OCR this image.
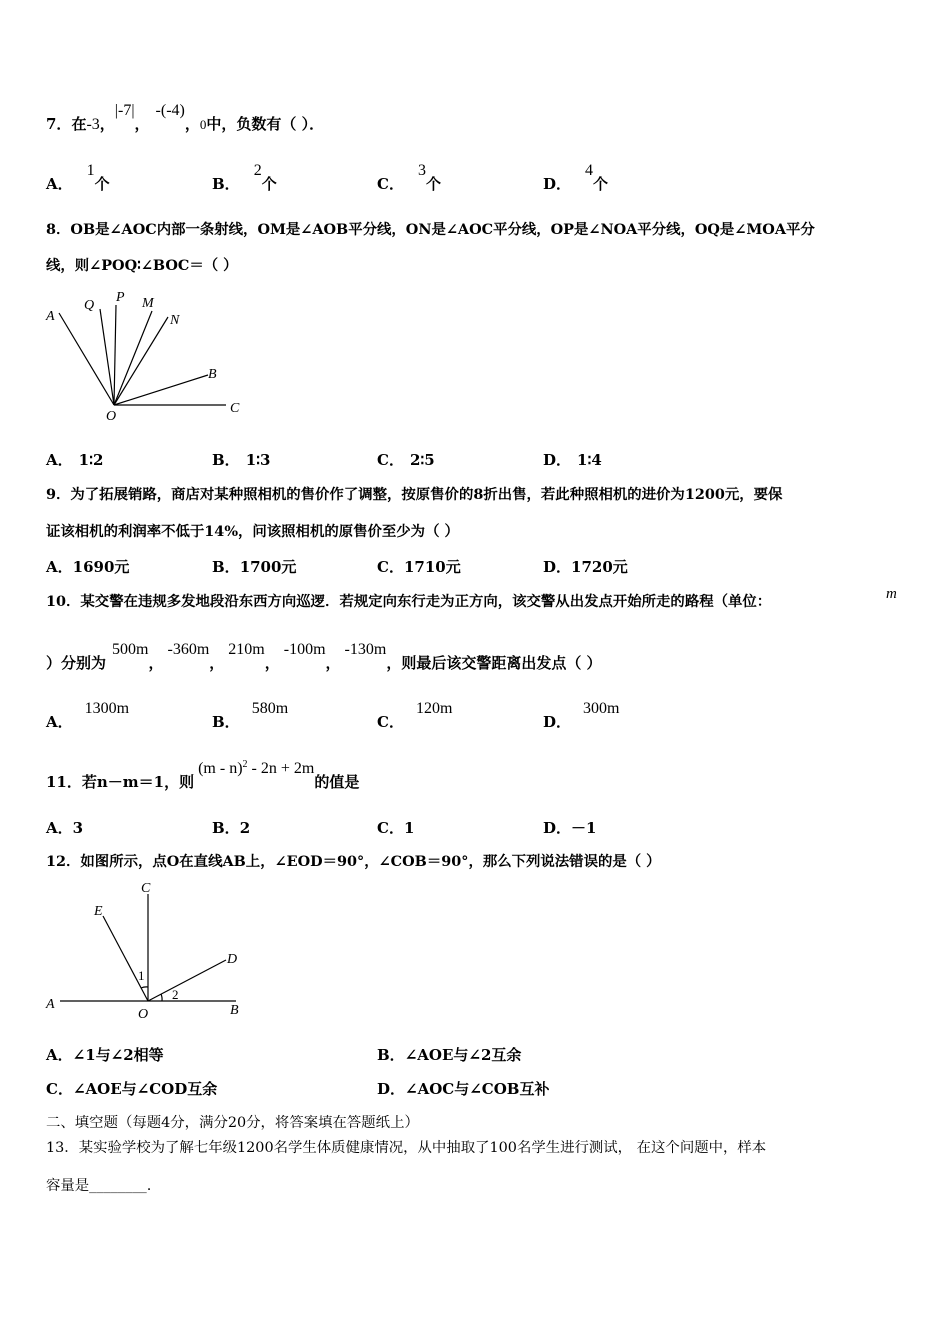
7．在-3，|-7|，-(-4)，0中，负数有（ ）．
A．1个	B．2个	C．3个	D．4个
8．OB是∠AOC内部一条射线，OM是∠AOB平分线，ON是∠AOC平分线，OP是∠NOA平分线，OQ是∠MOA平分
线，则∠POQ∶∠BOC＝（ ）
A
Q
P M
N
B
O
C
A． 1∶2	B． 1∶3	C． 2∶5	D． 1∶4
9．为了拓展销路，商店对某种照相机的售价作了调整，按原售价的8折出售，若此种照相机的进价为1200元，要保
证该相机的利润率不低于14%，问该照相机的原售价至少为（ ）
A．1690元	B．1700元	C．1710元	D．1720元
10．某交警在违规多发地段沿东西方向巡逻．若规定向东行走为正方向，该交警从出发点开始所走的路程（单位：	m
）分别为500m，-360m，210m，-100m，-130m，则最后该交警距离出发点（ ）
A．1300m
B．580m
C．120m
D．300m
11．若n－m＝1，则(m - n)$^2$ - 2n + 2m的值是
A．3	B．2	C．1	D．－1
12．如图所示，点O在直线AB上，∠EOD＝90°，∠COB＝90°，那么下列说法错误的是（ ）
C
E
D
A
O	B
1
2
A．∠1与∠2相等	B．∠AOE与∠2互余
C．∠AOE与∠COD互余	D．∠AOC与∠COB互补
二、填空题（每题4分，满分20分，将答案填在答题纸上）
13．某实验学校为了解七年级1200名学生体质健康情况，从中抽取了100名学生进行测试， 在这个问题中，样本
容量是________.
